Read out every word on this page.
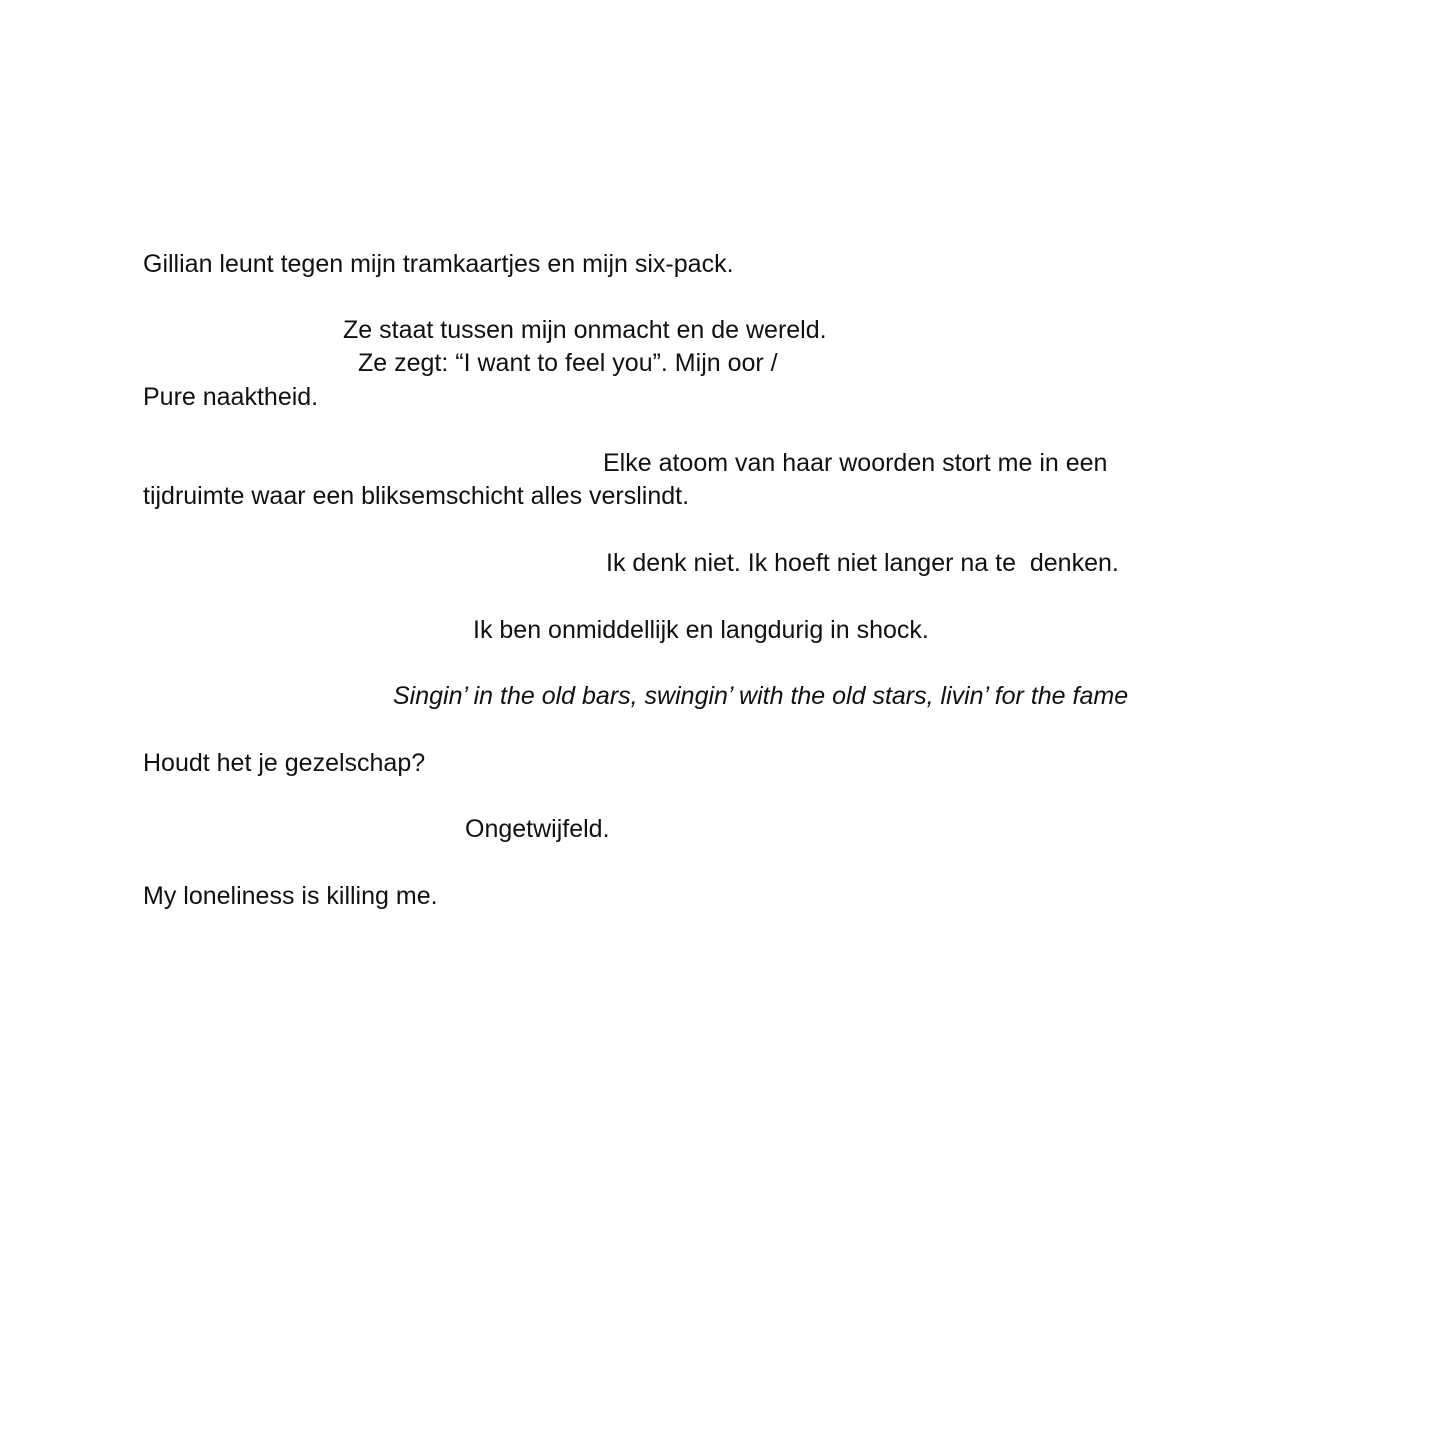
Gillian leunt tegen mijn tramkaartjes en mijn six-pack.

Ze staat tussen mijn onmacht en de wereld.

Ze zegt: “I want to feel you”. Mijn oor /

Pure naaktheid.

Elke atoom van haar woorden stort me in een

tijdruimte waar een bliksemschicht alles verslindt.

Ik denk niet. Ik hoeft niet langer na te  denken.

Ik ben onmiddellijk en langdurig in shock.

Singin’ in the old bars, swingin’ with the old stars, livin’ for the fame

Houdt het je gezelschap?

Ongetwijfeld.

My loneliness is killing me.
